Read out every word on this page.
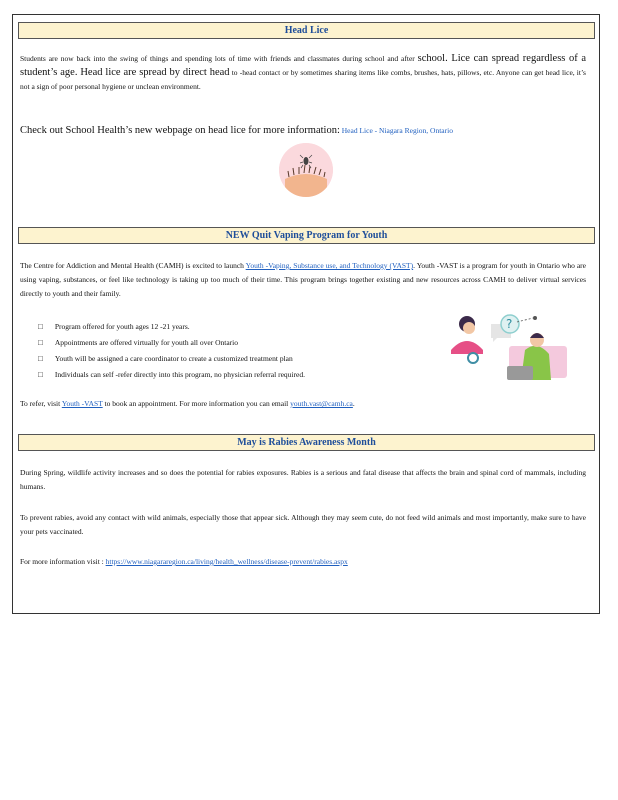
Head Lice
Students are now back into the swing of things and spending lots of time with friends and classmates during school and after school. Lice can spread regardless of a student’s age. Head lice are spread by direct head to -head contact or by sometimes sharing items like combs, brushes, hats, pillows, etc. Anyone can get head lice, it’s not a sign of poor personal hygiene or unclean environment.
Check out School Health’s new webpage on head lice for more information: Head Lice - Niagara Region, Ontario
NEW Quit Vaping Program for Youth
The Centre for Addiction and Mental Health (CAMH) is excited to launch Youth -Vaping, Substance use, and Technology (VAST). Youth -VAST is a program for youth in Ontario who are using vaping, substances, or feel like technology is taking up too much of their time. This program brings together existing and new resources across CAMH to deliver virtual services directly to youth and their family.
□ Program offered for youth ages 12 -21 years.
□ Appointments are offered virtually for youth all over Ontario
□ Youth will be assigned a care coordinator to create a customized treatment plan
□ Individuals can self -refer directly into this program, no physician referral required.
?
To refer, visit Youth -VAST to book an appointment. For more information you can email youth.vast@camh.ca.
May is Rabies Awareness Month
During Spring, wildlife activity increases and so does the potential for rabies exposures. Rabies is a serious and fatal disease that affects the brain and spinal cord of mammals, including humans.
To prevent rabies, avoid any contact with wild animals, especially those that appear sick. Although they may seem cute, do not feed wild animals and most importantly, make sure to have your pets vaccinated.
For more information visit : https://www.niagararegion.ca/living/health_wellness/disease-prevent/rabies.aspx
